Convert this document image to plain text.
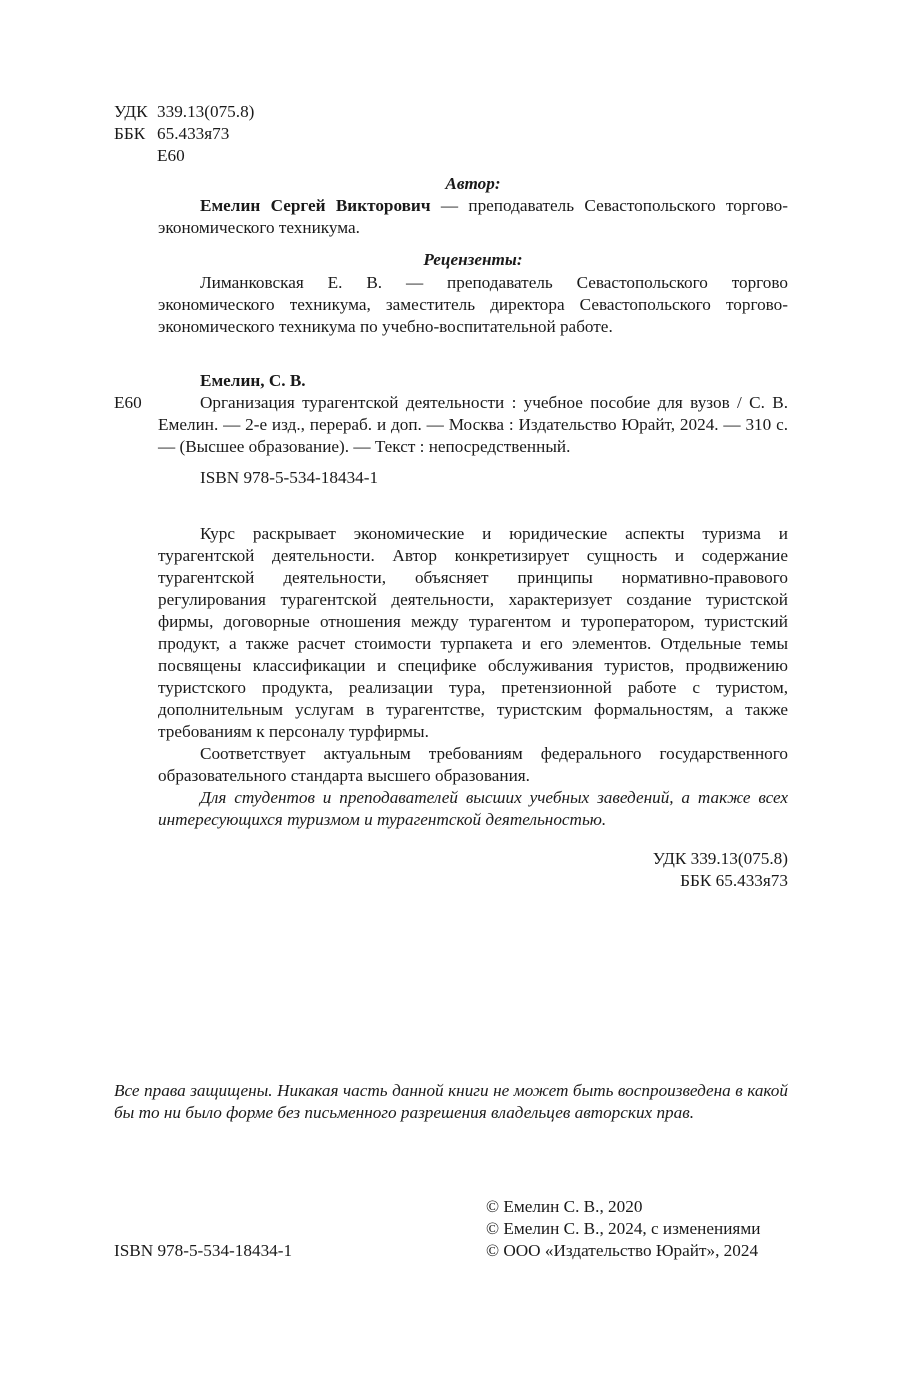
УДК 339.13(075.8)
ББК 65.433я73
Е60
Автор:

Емелин Сергей Викторович — преподаватель Севастопольского торгово-экономического техникума.

Рецензенты:

Лиманковская Е. В. — преподаватель Севастопольского торгово экономического техникума, заместитель директора Севастопольского торгово-экономического техникума по учебно-воспитательной работе.

Емелин, С. В.
Е60	Организация турагентской деятельности : учебное пособие для вузов / С. В. Емелин. — 2-е изд., перераб. и доп. — Москва : Издательство Юрайт, 2024. — 310 с. — (Высшее образование). — Текст : непосредственный.

ISBN 978-5-534-18434-1

Курс раскрывает экономические и юридические аспекты туризма и турагентской деятельности. Автор конкретизирует сущность и содержание турагентской деятельности, объясняет принципы нормативно-правового регулирования турагентской деятельности, характеризует создание туристской фирмы, договорные отношения между турагентом и туроператором, туристский продукт, а также расчет стоимости турпакета и его элементов. Отдельные темы посвящены классификации и специфике обслуживания туристов, продвижению туристского продукта, реализации тура, претензионной работе с туристом, дополнительным услугам в турагентстве, туристским формальностям, а также требованиям к персоналу турфирмы.

Соответствует актуальным требованиям федерального государственного образовательного стандарта высшего образования.

Для студентов и преподавателей высших учебных заведений, а также всех интересующихся туризмом и турагентской деятельностью.

УДК 339.13(075.8)
ББК 65.433я73

Все права защищены. Никакая часть данной книги не может быть воспроизведена в какой бы то ни было форме без письменного разрешения владельцев авторских прав.

ISBN 978-5-534-18434-1
© Емелин С. В., 2020
© Емелин С. В., 2024, с изменениями
© ООО «Издательство Юрайт», 2024
